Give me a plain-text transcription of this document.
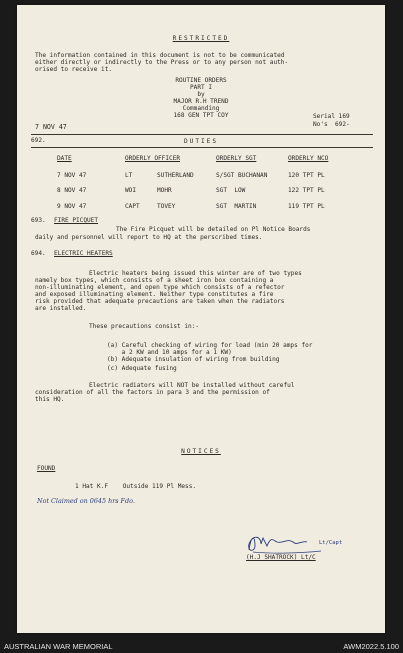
RESTRICTED
The information contained in this document is not to be communicated
either directly or indirectly to the Press or to any person not auth-
orised to receive it.
ROUTINE ORDERS
PART I
by
MAJOR R.H TREND
Commanding
168 GEN TPT COY
7 NOV 47
Serial 169
No's  692-
692.	DUTIES
DATE	ORDERLY OFFICER	ORDERLY SGT	ORDERLY NCO
7 NOV 47	LT	SUTHERLAND	S/SGT BUCHANAN	120 TPT PL
8 NOV 47	WOI	MOHR	SGT  LOW	122 TPT PL
9 NOV 47	CAPT	TOVEY	SGT  MARTIN	119 TPT PL
693. FIRE PICQUET
The Fire Picquet will be detailed on Pl Notice Boards
daily and personnel will report to HQ at the perscribed times.
694. ELECTRIC HEATERS
Electric heaters being issued this winter are of two types
namely box types, which consists of a sheet iron box containing a
non-illuminating element, and open type which consists of a refector
and exposed illuminating element. Neither type constitutes a fire
risk provided that adequate precautions are taken when the radiators
are installed.
These precautions consist in:-
(a) Careful checking of wiring for load (min 20 amps for
a 2 KW and 10 amps for a 1 KW)
(b) Adequate insulation of wiring from building
(c) Adequate fusing
Electric radiators will NOT be installed without careful
consideration of all the factors in para 3 and the permission of
this HQ.
Lt/Capt
(H.J SHATROCK) Lt/C
NOTICES
FOUND
1 Hat K.F    Outside 119 Pl Mess.
Not Claimed on 0645 hrs Fdo.
AUSTRALIAN WAR MEMORIAL	AWM2022.5.100
